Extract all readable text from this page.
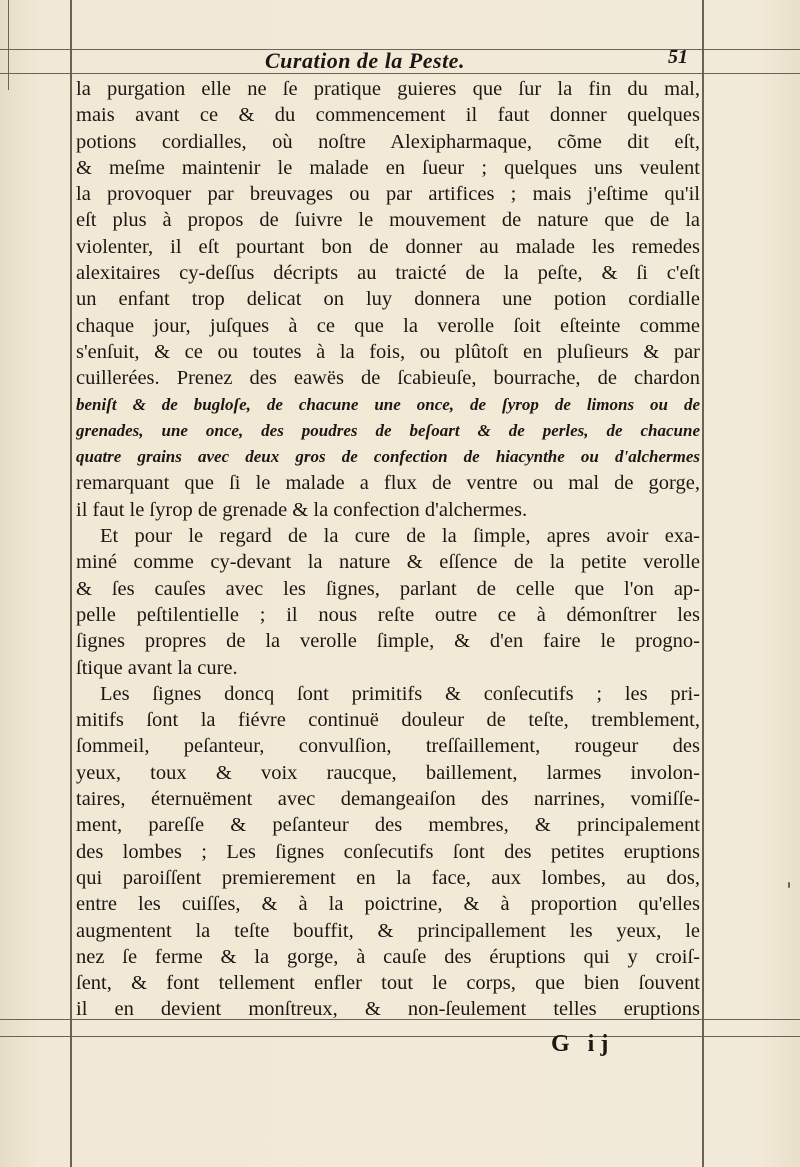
Curation de la Peste.	51
la purgation elle ne ſe pratique guieres que ſur la fin du mal,
mais avant ce & du commencement il faut donner quelques
potions cordialles, où noſtre Alexipharmaque, cõme dit eſt,
& meſme maintenir le malade en ſueur ; quelques uns veulent
la provoquer par breuvages ou par artifices ; mais j'eſtime qu'il
eſt plus à propos de ſuivre le mouvement de nature que de la
violenter, il eſt pourtant bon de donner au malade les remedes
alexitaires cy-deſſus décripts au traicté de la peſte, & ſi c'eſt
un enfant trop delicat on luy donnera une potion cordialle
chaque jour, juſques à ce que la verolle ſoit eſteinte comme
s'enſuit, & ce ou toutes à la fois, ou plûtoſt en pluſieurs & par
cuillerées. Prenez des eawës de ſcabieuſe, bourrache, de chardon
beniſt & de bugloſe, de chacune une once, de ſyrop de limons ou de
grenades, une once, des poudres de beſoart & de perles, de chacune
quatre grains avec deux gros de confection de hiacynthe ou d'alchermes
remarquant que ſi le malade a flux de ventre ou mal de gorge,
il faut le ſyrop de grenade & la confection d'alchermes.
Et pour le regard de la cure de la ſimple, apres avoir exa-
miné comme cy-devant la nature & eſſence de la petite verolle
& ſes cauſes avec les ſignes, parlant de celle que l'on ap-
pelle peſtilentielle ; il nous reſte outre ce à démonſtrer les
ſignes propres de la verolle ſimple, & d'en faire le progno-
ſtique avant la cure.
Les ſignes doncq ſont primitifs & conſecutifs ; les pri-
mitifs ſont la fiévre continuë douleur de teſte, tremblement,
ſommeil, peſanteur, convulſion, treſſaillement, rougeur des
yeux, toux & voix raucque, baillement, larmes involon-
taires, éternuëment avec demangeaiſon des narrines, vomiſſe-
ment, pareſſe & peſanteur des membres, & principalement
des lombes ; Les ſignes conſecutifs ſont des petites eruptions
qui paroiſſent premierement en la face, aux lombes, au dos,
entre les cuiſſes, & à la poictrine, & à proportion qu'elles
augmentent la teſte bouffit, & principallement les yeux, le
nez ſe ferme & la gorge, à cauſe des éruptions qui y croiſ-
ſent, & font tellement enfler tout le corps, que bien ſouvent
il en devient monſtreux, & non-ſeulement telles eruptions
G ij
